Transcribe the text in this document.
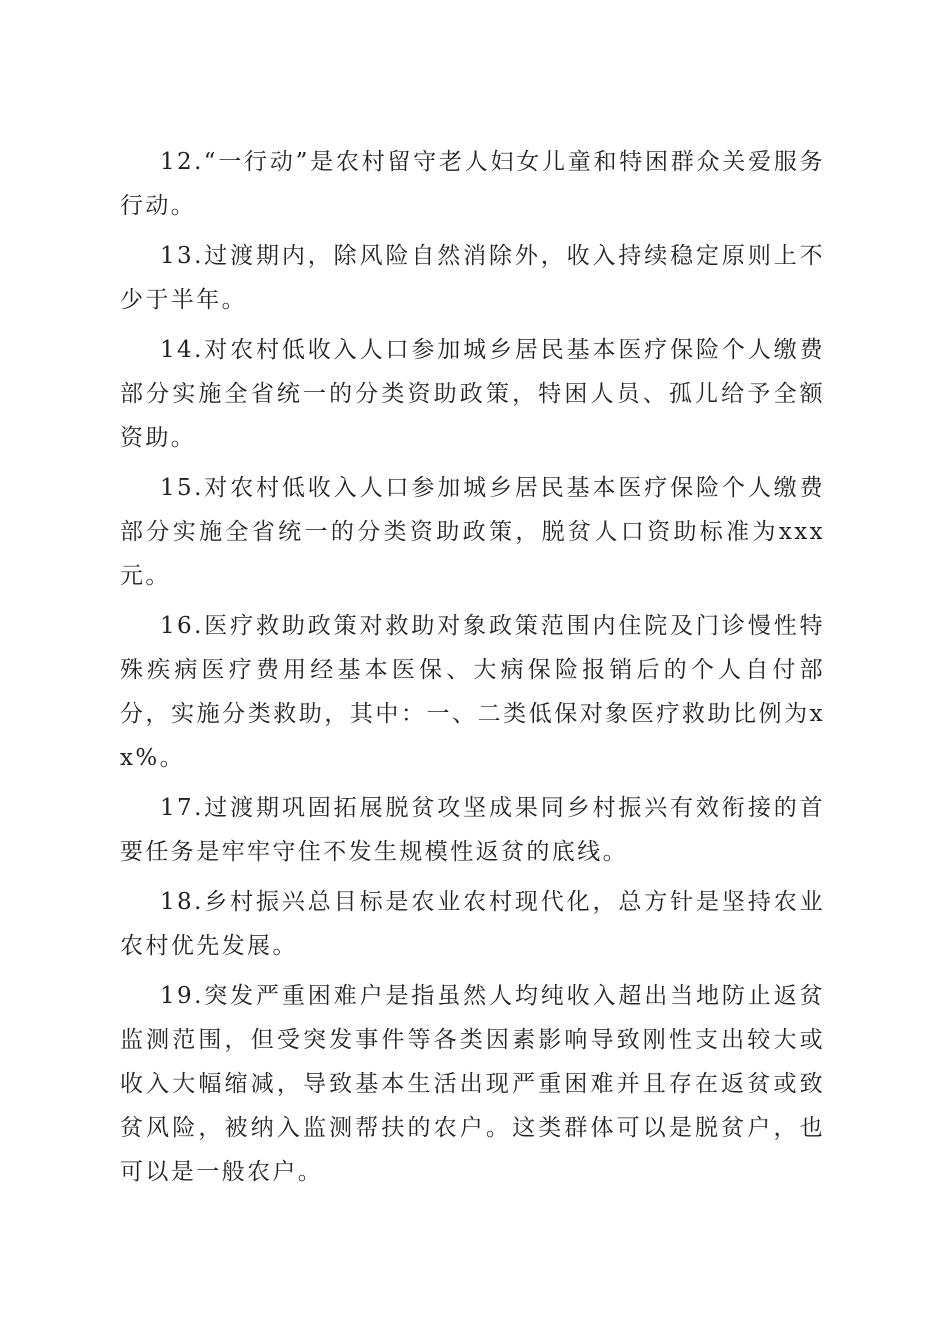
12.“一行动”是农村留守老人妇女儿童和特困群众关爱服务行动。

13.过渡期内，除风险自然消除外，收入持续稳定原则上不少于半年。

14.对农村低收入人口参加城乡居民基本医疗保险个人缴费部分实施全省统一的分类资助政策，特困人员、孤儿给予全额资助。

15.对农村低收入人口参加城乡居民基本医疗保险个人缴费部分实施全省统一的分类资助政策，脱贫人口资助标准为xxx元。

16.医疗救助政策对救助对象政策范围内住院及门诊慢性特殊疾病医疗费用经基本医保、大病保险报销后的个人自付部分，实施分类救助，其中：一、二类低保对象医疗救助比例为xx%。

17.过渡期巩固拓展脱贫攻坚成果同乡村振兴有效衔接的首要任务是牢牢守住不发生规模性返贫的底线。

18.乡村振兴总目标是农业农村现代化，总方针是坚持农业农村优先发展。

19.突发严重困难户是指虽然人均纯收入超出当地防止返贫监测范围，但受突发事件等各类因素影响导致刚性支出较大或收入大幅缩减，导致基本生活出现严重困难并且存在返贫或致贫风险，被纳入监测帮扶的农户。这类群体可以是脱贫户，也可以是一般农户。
